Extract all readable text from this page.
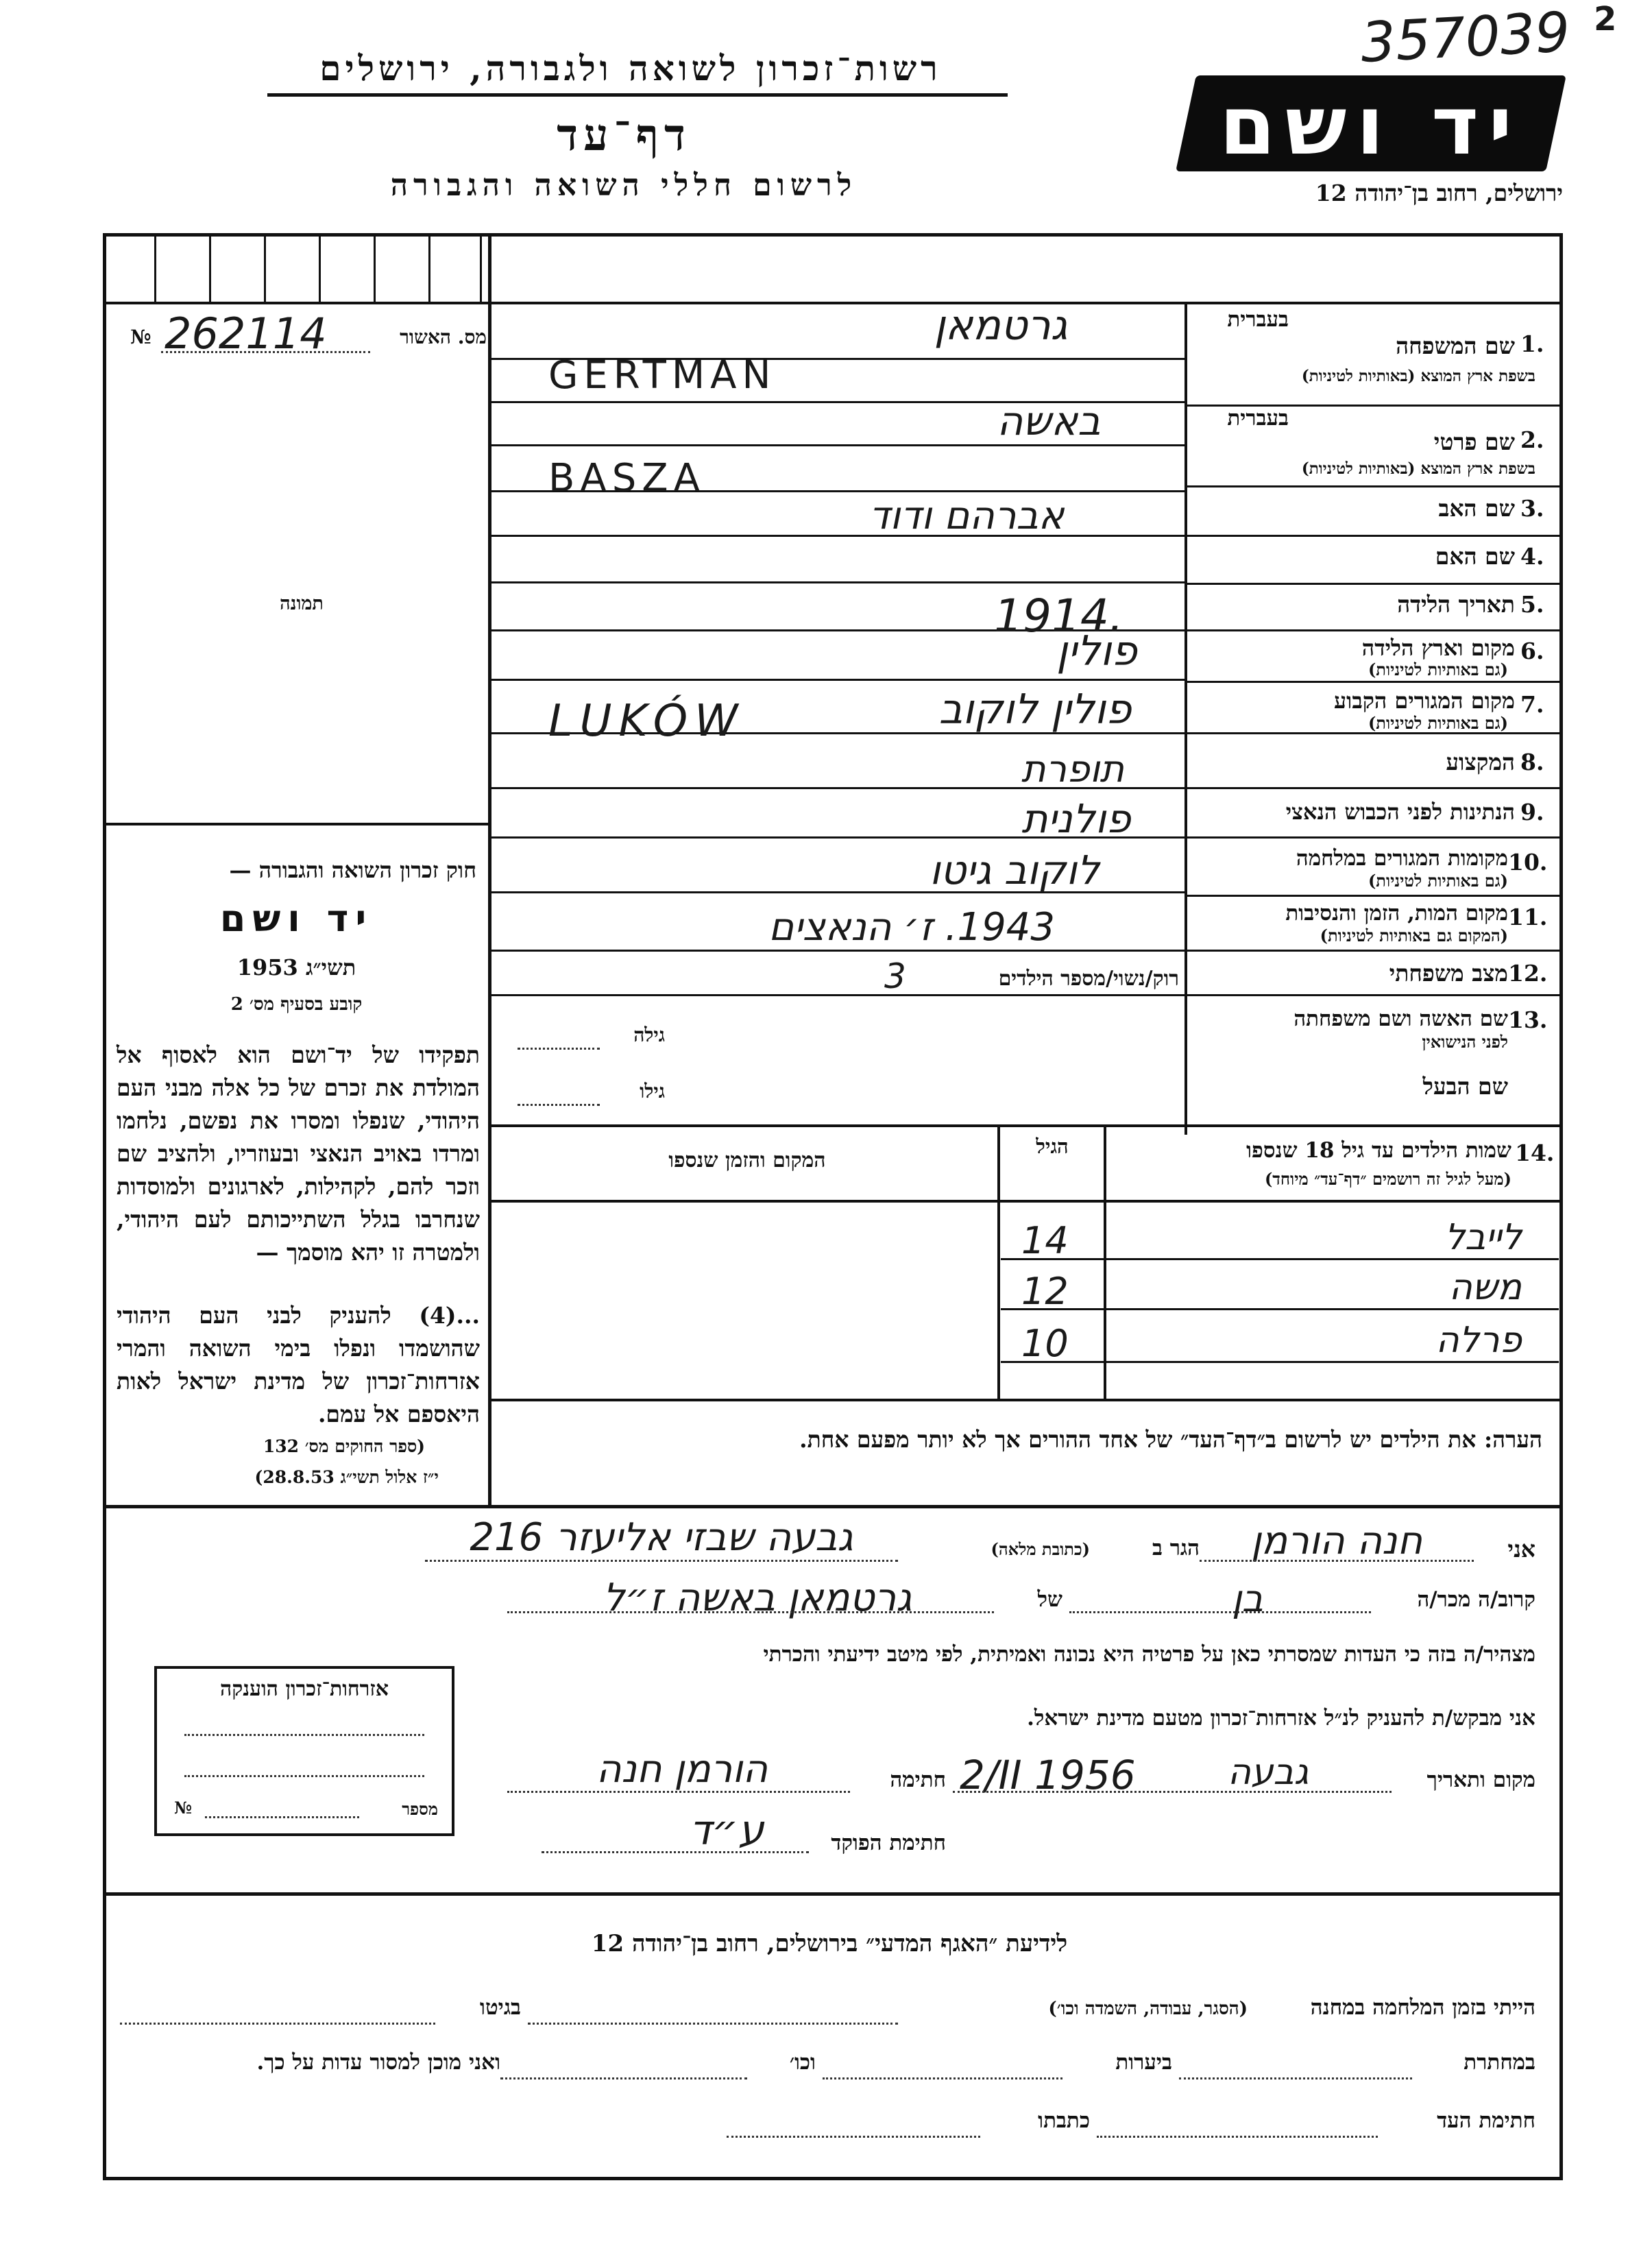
357039 2
רשות־זכרון לשואה ולגבורה, ירושלים
דף־עד
לרשום חללי השואה והגבורה
יד ושם
ירושלים, רחוב בן־יהודה 12
מס. האשור
№ 262114
תמונה
חוק זכרון השואה והגבורה —
יד ושם
תשי״ג 1953
קובע בסעיף מס׳ 2
תפקידו של יד־ושם הוא לאסוף אל המולדת את זכרם של כל אלה מבני העם היהודי, שנפלו ומסרו את נפשם, נלחמו ומרדו באויב הנאצי ובעוזריו, ולהציב שם וזכר להם, לקהילות, לארגונים ולמוסדות שנחרבו בגלל השתייכותם לעם היהודי, ולמטרה זו יהא מוסמך —
...(4) להעניק לבני העם היהודי שהושמדו ונפלו בימי השואה והמרי אזרחות־זכרון של מדינת ישראל לאות היאספם אל עמם.
(ספר החוקים מס׳ 132
י״ז אלול תשי״ג 28.8.53)
1.
בעברית
שם המשפחה
בשפת ארץ המוצא (באותיות לטיניות)
גרטמאן
GERTMAN
2.
בעברית
שם פרטי
בשפת ארץ המוצא (באותיות לטיניות)
באשה
BASZA
3.
שם האב
אברהם ודוד
4.
שם האם
5.
תאריך הלידה
1914.
6.
מקום וארץ הלידה
(גם באותיות לטיניות)
פולין
7.
מקום המגורים הקבוע
(גם באותיות לטיניות)
פולין לוקוב
LUKÓW
8.
המקצוע
תופרת
9.
הנתינות לפני הכבוש הנאצי
פולנית
10.
מקומות המגורים במלחמה
(גם באותיות לטיניות)
לוקוב גיטו
11.
מקום המות, הזמן והנסיבות
(המקום גם באותיות לטיניות)
1943. ז׳ הנאצים
12.
מצב משפחתי
רוק/נשוי/מספר הילדים
3
13.
שם האשה ושם משפחתה
לפני הנישואין
גילה
שם הבעל
גילו
14.
שמות הילדים עד גיל 18 שנספו
(מעל לגיל זה רושמים ״דף־עד״ מיוחד)
הגיל
המקום והזמן שנספו
לייבל
14
משה
12
פרלה
10
הערה: את הילדים יש לרשום ב״דף־העד״ של אחד ההורים אך לא יותר מפעם אחת.
אני
חנה הורמן
הגר ב
(כתובת מלאה)
גבעה שבזי אליעזר 216
קרוב/ה מכר/ה
בן
של
גרטמאן באשה ז״ל
מצהיר/ה בזה כי העדות שמסרתי כאן על פרטיה היא נכונה ואמיתית, לפי מיטב ידיעתי והכרתי
אני מבקש/ת להעניק לנ״ל אזרחות־זכרון מטעם מדינת ישראל.
מקום ותאריך
גבעה
2/II 1956
חתימה
הורמן חנה
חתימת הפוקד
ע״ד
אזרחות־זכרון הוענקה
מספר
№
לידיעת ״האגף המדעי״ בירושלים, רחוב בן־יהודה 12
הייתי בזמן המלחמה במחנה
(הסגר, עבודה, השמדה וכו׳)
בגיטו
במחתרת
ביערות
וכו׳
ואני מוכן למסור עדות על כך.
חתימת העד
כתבתו
